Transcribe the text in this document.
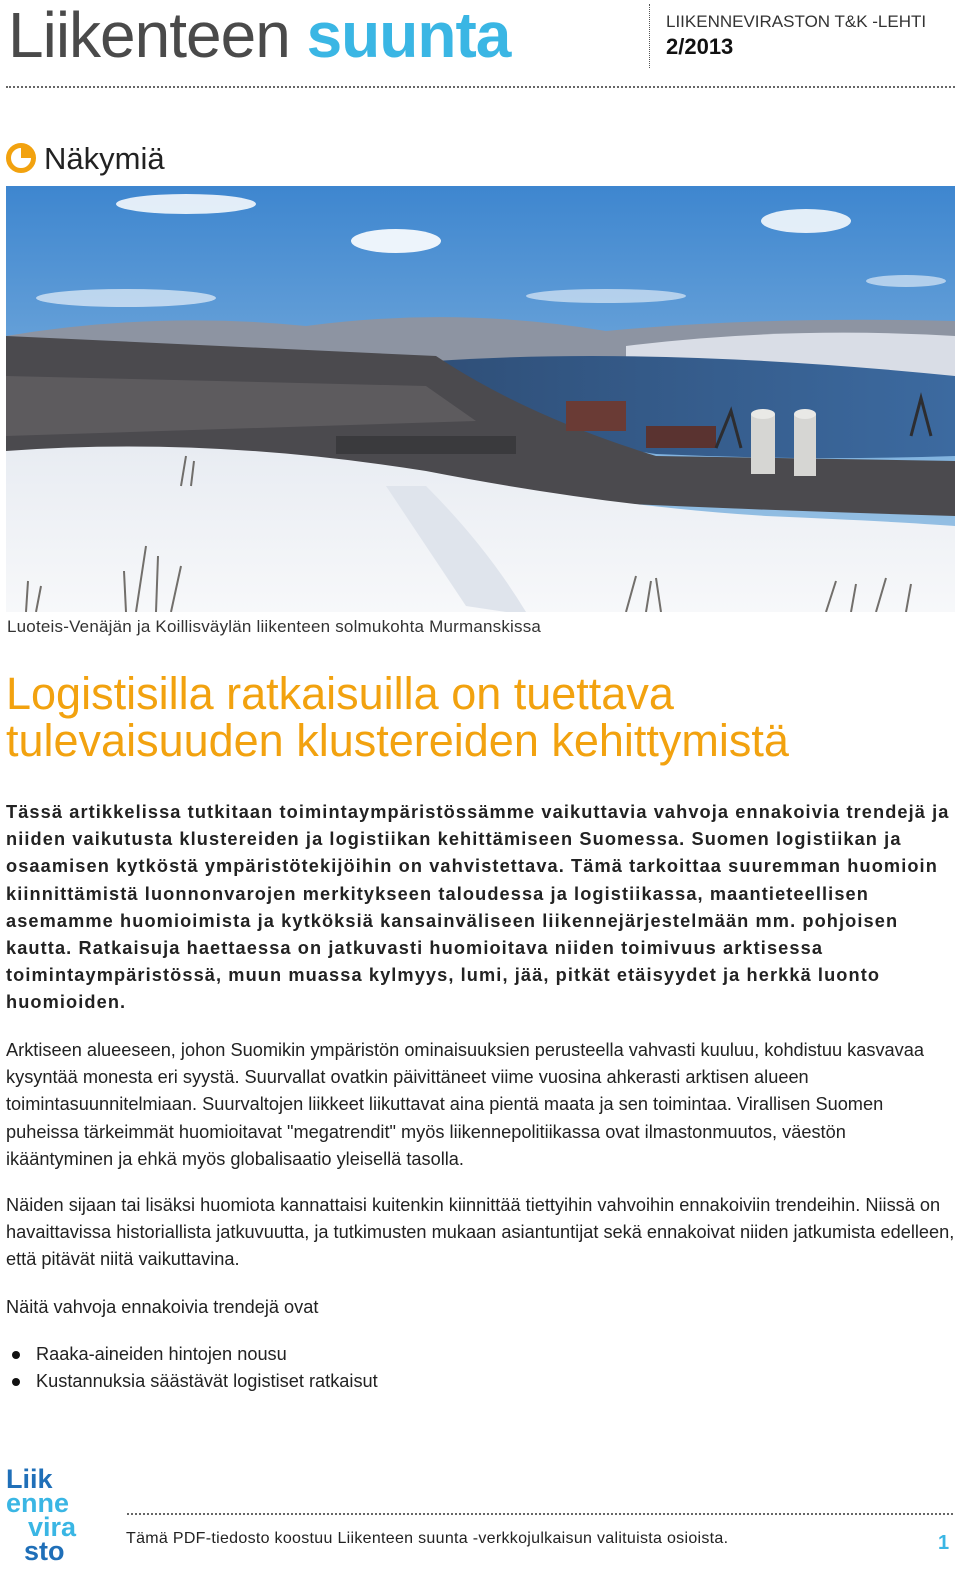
Liikenteen suunta	LIIKENNEVIRASTON T&K -LEHTI
2/2013
Näkymiä
Luoteis-Venäjän ja Koillisväylän liikenteen solmukohta Murmanskissa
Logistisilla ratkaisuilla on tuettava
tulevaisuuden klustereiden kehittymistä
Tässä artikkelissa tutkitaan toimintaympäristössämme vaikuttavia vahvoja ennakoivia trendejä ja niiden vaikutusta klustereiden ja logistiikan kehittämiseen Suomessa. Suomen logistiikan ja osaamisen kytköstä ympäristötekijöihin on vahvistettava. Tämä tarkoittaa suuremman huomioin kiinnittämistä luonnonvarojen merkitykseen taloudessa ja logistiikassa, maantieteellisen asemamme huomioimista ja kytköksiä kansainväliseen liikennejärjestelmään mm. pohjoisen kautta. Ratkaisuja haettaessa on jatkuvasti huomioitava niiden toimivuus arktisessa toimintaympäristössä, muun muassa kylmyys, lumi, jää, pitkät etäisyydet ja herkkä luonto huomioiden.
Arktiseen alueeseen, johon Suomikin ympäristön ominaisuuksien perusteella vahvasti kuuluu, kohdistuu kasvavaa kysyntää monesta eri syystä. Suurvallat ovatkin päivittäneet viime vuosina ahkerasti arktisen alueen toimintasuunnitelmiaan. Suurvaltojen liikkeet liikuttavat aina pientä maata ja sen toimintaa. Virallisen Suomen puheissa tärkeimmät huomioitavat "megatrendit" myös liikennepolitiikassa ovat ilmastonmuutos, väestön ikääntyminen ja ehkä myös globalisaatio yleisellä tasolla.
Näiden sijaan tai lisäksi huomiota kannattaisi kuitenkin kiinnittää tiettyihin vahvoihin ennakoiviin trendeihin. Niissä on havaittavissa historiallista jatkuvuutta, ja tutkimusten mukaan asiantuntijat sekä ennakoivat niiden jatkumista edelleen, että pitävät niitä vaikuttavina.
Näitä vahvoja ennakoivia trendejä ovat
Raaka-aineiden hintojen nousu
Kustannuksia säästävät logistiset ratkaisut
Liik
enne
vira
sto	Tämä PDF-tiedosto koostuu Liikenteen suunta -verkkojulkaisun valituista osioista.	1
